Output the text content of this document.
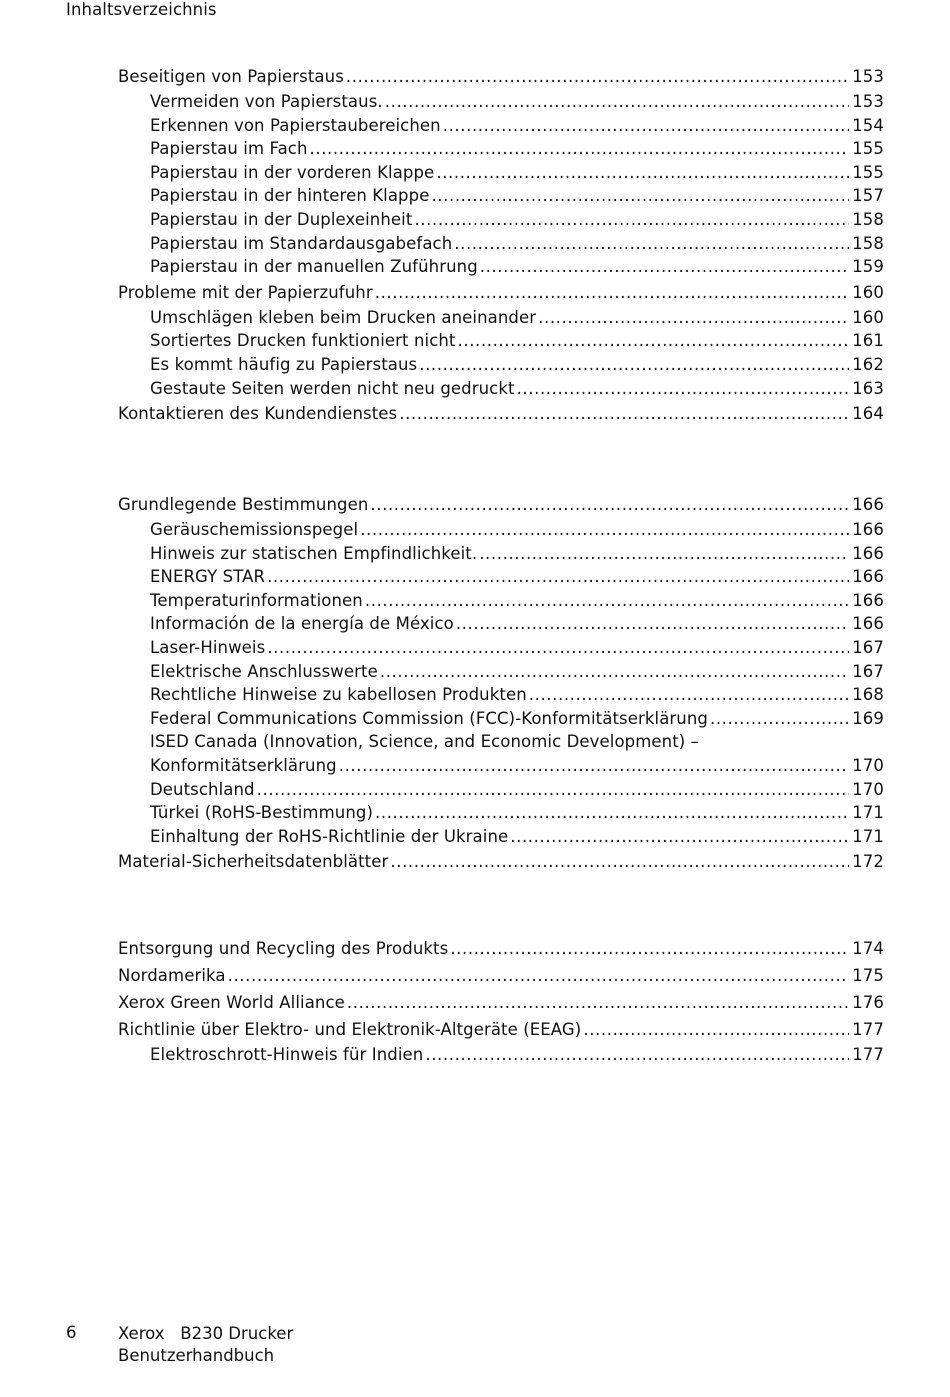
Inhaltsverzeichnis
Beseitigen von Papierstaus .....	153
Vermeiden von Papierstaus. .....	153
Erkennen von Papierstaubereichen .....	154
Papierstau im Fach .....	155
Papierstau in der vorderen Klappe .....	155
Papierstau in der hinteren Klappe .....	157
Papierstau in der Duplexeinheit .....	158
Papierstau im Standardausgabefach .....	158
Papierstau in der manuellen Zuführung .....	159
Probleme mit der Papierzufuhr .....	160
Umschlägen kleben beim Drucken aneinander .....	160
Sortiertes Drucken funktioniert nicht .....	161
Es kommt häufig zu Papierstaus .....	162
Gestaute Seiten werden nicht neu gedruckt .....	163
Kontaktieren des Kundendienstes .....	164
Grundlegende Bestimmungen .....	166
Geräuschemissionspegel .....	166
Hinweis zur statischen Empfindlichkeit. .....	166
ENERGY STAR .....	166
Temperaturinformationen .....	166
Información de la energía de México .....	166
Laser-Hinweis .....	167
Elektrische Anschlusswerte .....	167
Rechtliche Hinweise zu kabellosen Produkten .....	168
Federal Communications Commission (FCC)-Konformitätserklärung .....	169
ISED Canada (Innovation, Science, and Economic Development) –
Konformitätserklärung .....	170
Deutschland .....	170
Türkei (RoHS-Bestimmung) .....	171
Einhaltung der RoHS-Richtlinie der Ukraine .....	171
Material-Sicherheitsdatenblätter .....	172
Entsorgung und Recycling des Produkts .....	174
Nordamerika .....	175
Xerox Green World Alliance .....	176
Richtlinie über Elektro- und Elektronik-Altgeräte (EEAG) .....	177
Elektroschrott-Hinweis für Indien .....	177
6	Xerox B230 Drucker
Benutzerhandbuch
